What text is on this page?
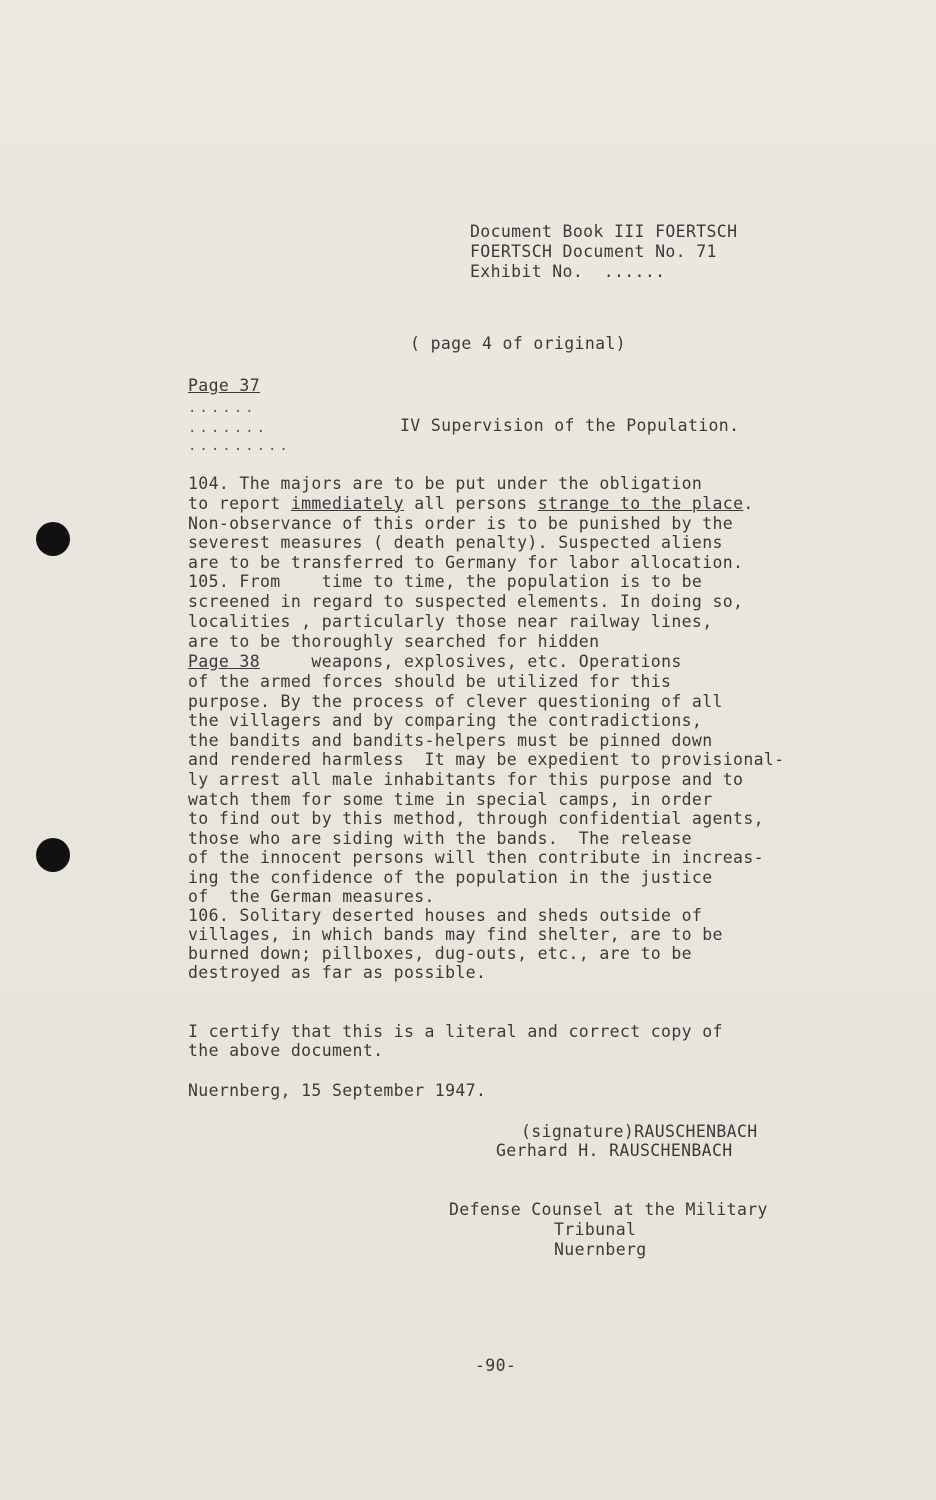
Document Book III FOERTSCH
FOERTSCH Document No. 71
Exhibit No.  ......
( page 4 of original)
Page 37
......
.......
.........
IV Supervision of the Population.
104. The majors are to be put under the obligation
to report immediately all persons strange to the place.
Non-observance of this order is to be punished by the
severest measures ( death penalty). Suspected aliens
are to be transferred to Germany for labor allocation.
105. From    time to time, the population is to be
screened in regard to suspected elements. In doing so,
localities , particularly those near railway lines,
are to be thoroughly searched for hidden
Page 38     weapons, explosives, etc. Operations
of the armed forces should be utilized for this
purpose. By the process of clever questioning of all
the villagers and by comparing the contradictions,
the bandits and bandits-helpers must be pinned down
and rendered harmless  It may be expedient to provisional-
ly arrest all male inhabitants for this purpose and to
watch them for some time in special camps, in order
to find out by this method, through confidential agents,
those who are siding with the bands.  The release
of the innocent persons will then contribute in increas-
ing the confidence of the population in the justice
of  the German measures.
106. Solitary deserted houses and sheds outside of
villages, in which bands may find shelter, are to be
burned down; pillboxes, dug-outs, etc., are to be
destroyed as far as possible.
I certify that this is a literal and correct copy of
the above document.
Nuernberg, 15 September 1947.
(signature)RAUSCHENBACH
Gerhard H. RAUSCHENBACH
Defense Counsel at the Military
Tribunal
Nuernberg
-90-
